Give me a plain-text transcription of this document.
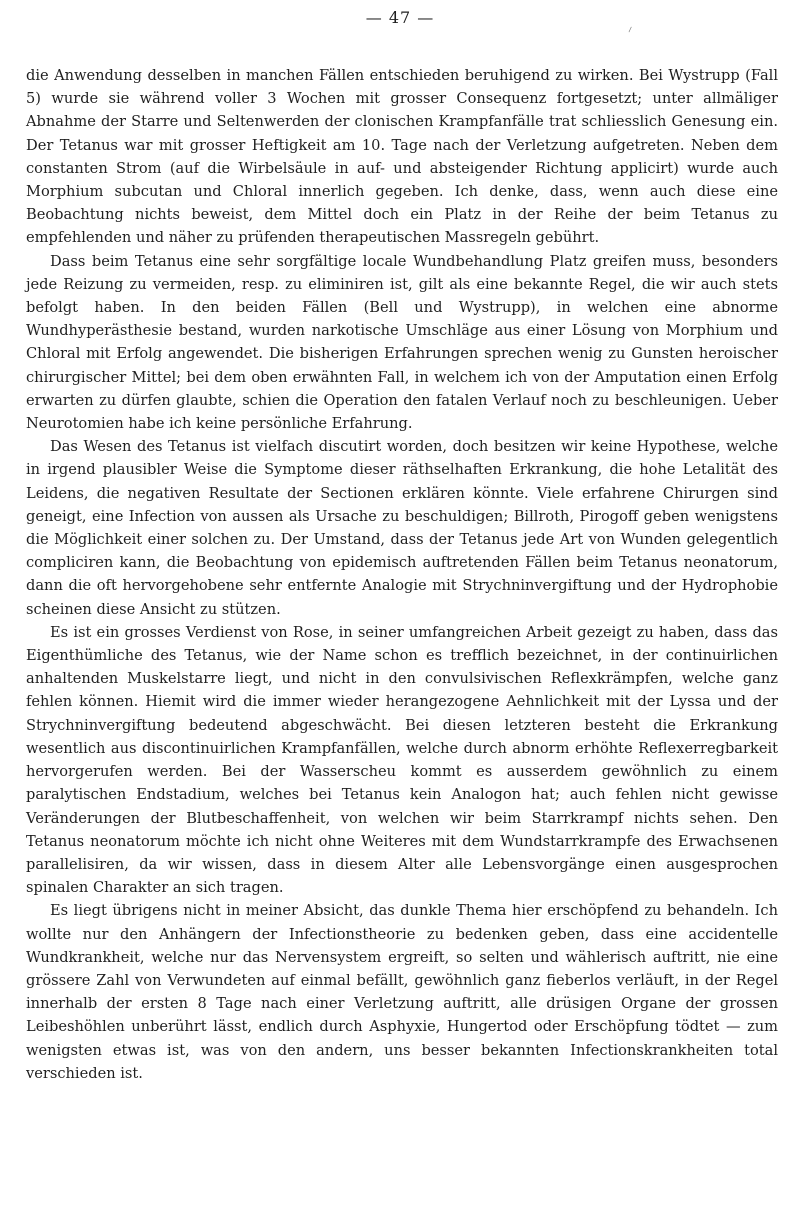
— 47 —	⸝

die Anwendung desselben in manchen Fällen entschieden beruhigend zu wirken. Bei Wystrupp (Fall 5) wurde sie während voller 3 Wochen mit grosser Consequenz fortgesetzt; unter allmäliger Abnahme der Starre und Seltenwerden der clonischen Krampfanfälle trat schliesslich Genesung ein. Der Tetanus war mit grosser Heftigkeit am 10. Tage nach der Verletzung aufgetreten. Neben dem constanten Strom (auf die Wirbelsäule in auf- und absteigender Richtung applicirt) wurde auch Morphium subcutan und Chloral innerlich gegeben. Ich denke, dass, wenn auch diese eine Beobachtung nichts beweist, dem Mittel doch ein Platz in der Reihe der beim Tetanus zu empfehlenden und näher zu prüfenden therapeutischen Massregeln gebührt.

Dass beim Tetanus eine sehr sorgfältige locale Wundbehandlung Platz greifen muss, besonders jede Reizung zu vermeiden, resp. zu eliminiren ist, gilt als eine bekannte Regel, die wir auch stets befolgt haben. In den beiden Fällen (Bell und Wystrupp), in welchen eine abnorme Wundhyperästhesie bestand, wurden narkotische Umschläge aus einer Lösung von Morphium und Chloral mit Erfolg angewendet. Die bisherigen Erfahrungen sprechen wenig zu Gunsten heroischer chirurgischer Mittel; bei dem oben erwähnten Fall, in welchem ich von der Amputation einen Erfolg erwarten zu dürfen glaubte, schien die Operation den fatalen Verlauf noch zu beschleunigen. Ueber Neurotomien habe ich keine persönliche Erfahrung.

Das Wesen des Tetanus ist vielfach discutirt worden, doch besitzen wir keine Hypothese, welche in irgend plausibler Weise die Symptome dieser räthselhaften Erkrankung, die hohe Letalität des Leidens, die negativen Resultate der Sectionen erklären könnte. Viele erfahrene Chirurgen sind geneigt, eine Infection von aussen als Ursache zu beschuldigen; Billroth, Pirogoff geben wenigstens die Möglichkeit einer solchen zu. Der Umstand, dass der Tetanus jede Art von Wunden gelegentlich compliciren kann, die Beobachtung von epidemisch auftretenden Fällen beim Tetanus neonatorum, dann die oft hervorgehobene sehr entfernte Analogie mit Strychninvergiftung und der Hydrophobie scheinen diese Ansicht zu stützen.

Es ist ein grosses Verdienst von Rose, in seiner umfangreichen Arbeit gezeigt zu haben, dass das Eigenthümliche des Tetanus, wie der Name schon es trefflich bezeichnet, in der continuirlichen anhaltenden Muskelstarre liegt, und nicht in den convulsivischen Reflexkrämpfen, welche ganz fehlen können. Hiemit wird die immer wieder herangezogene Aehnlichkeit mit der Lyssa und der Strychninvergiftung bedeutend abgeschwächt. Bei diesen letzteren besteht die Erkrankung wesentlich aus discontinuirlichen Krampfanfällen, welche durch abnorm erhöhte Reflexerregbarkeit hervorgerufen werden. Bei der Wasserscheu kommt es ausserdem gewöhnlich zu einem paralytischen Endstadium, welches bei Tetanus kein Analogon hat; auch fehlen nicht gewisse Veränderungen der Blutbeschaffenheit, von welchen wir beim Starrkrampf nichts sehen. Den Tetanus neonatorum möchte ich nicht ohne Weiteres mit dem Wundstarrkrampfe des Erwachsenen parallelisiren, da wir wissen, dass in diesem Alter alle Lebensvorgänge einen ausgesprochen spinalen Charakter an sich tragen.

Es liegt übrigens nicht in meiner Absicht, das dunkle Thema hier erschöpfend zu behandeln. Ich wollte nur den Anhängern der Infectionstheorie zu bedenken geben, dass eine accidentelle Wundkrankheit, welche nur das Nervensystem ergreift, so selten und wählerisch auftritt, nie eine grössere Zahl von Verwundeten auf einmal befällt, gewöhnlich ganz fieberlos verläuft, in der Regel innerhalb der ersten 8 Tage nach einer Verletzung auftritt, alle drüsigen Organe der grossen Leibeshöhlen unberührt lässt, endlich durch Asphyxie, Hungertod oder Erschöpfung tödtet — zum wenigsten etwas ist, was von den andern, uns besser bekannten Infectionskrankheiten total verschieden ist.
